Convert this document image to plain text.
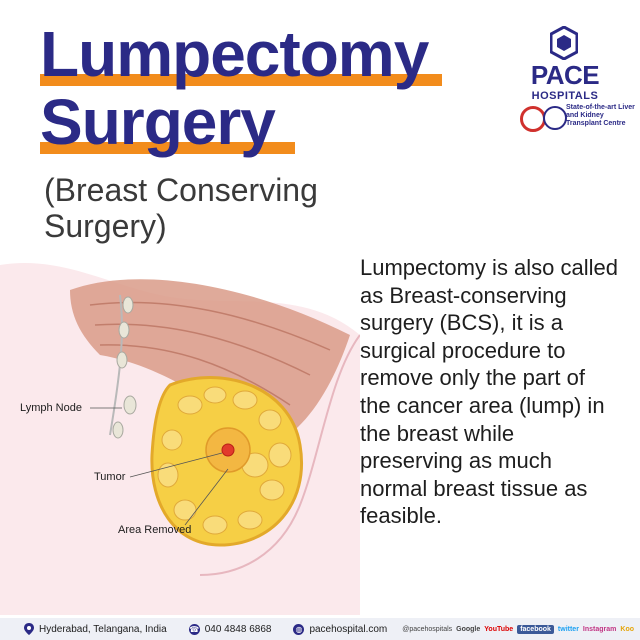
Lymph Node
Tumor
Area Removed
Lumpectomy
Surgery
(Breast Conserving Surgery)
Lumpectomy is also called as Breast-conserving surgery (BCS), it is a surgical procedure to remove only the part of the cancer area (lump) in the breast while preserving as much normal breast tissue as feasible.
PACE
HOSPITALS
State-of-the-art Liver and Kidney Transplant Centre
Hyderabad, Telangana, India	☎ 040 4848 6868	◍ pacehospital.com @pacehospitals Google YouTube	facebook	twitter Instagram Koo
